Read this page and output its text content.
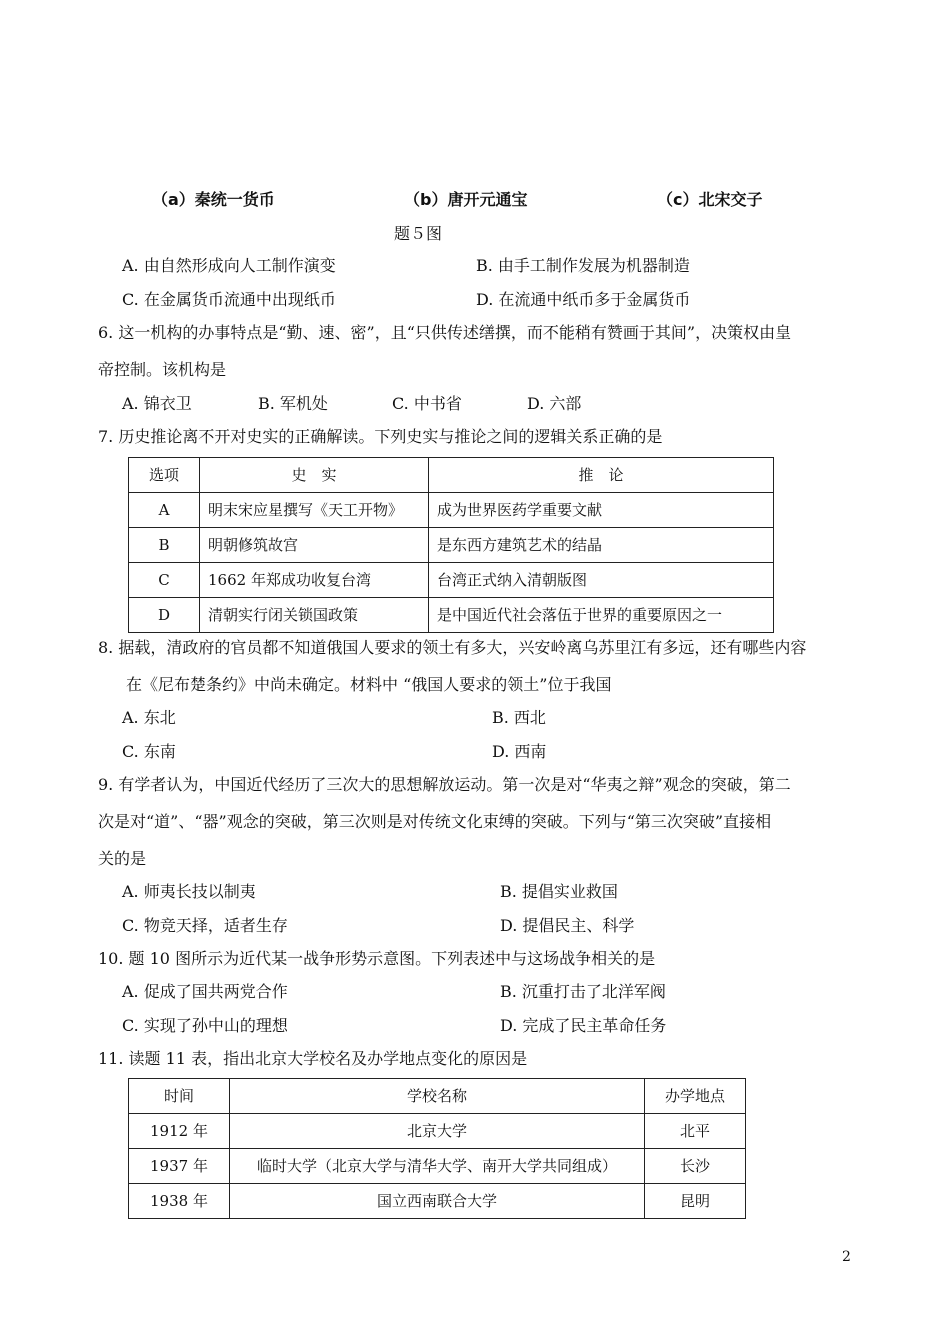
（a）秦统一货币	（b）唐开元通宝	（c）北宋交子
题５图
A. 由自然形成向人工制作演变	B. 由手工制作发展为机器制造
C. 在金属货币流通中出现纸币	D. 在流通中纸币多于金属货币
6. 这一机构的办事特点是“勤、速、密”，且“只供传述缮撰，而不能稍有赞画于其间”，决策权由皇
帝控制。该机构是
A. 锦衣卫	B. 军机处	C. 中书省	D. 六部
7. 历史推论离不开对史实的正确解读。下列史实与推论之间的逻辑关系正确的是
选项	史　实	推　论
A	明末宋应星撰写《天工开物》	成为世界医药学重要文献
B	明朝修筑故宫	是东西方建筑艺术的结晶
C	1662 年郑成功收复台湾	台湾正式纳入清朝版图
D	清朝实行闭关锁国政策	是中国近代社会落伍于世界的重要原因之一
8. 据载，清政府的官员都不知道俄国人要求的领土有多大，兴安岭离乌苏里江有多远，还有哪些内容
在《尼布楚条约》中尚未确定。材料中 “俄国人要求的领土”位于我国
A. 东北	B. 西北
C. 东南	D. 西南
9. 有学者认为，中国近代经历了三次大的思想解放运动。第一次是对“华夷之辩”观念的突破，第二
次是对“道”、“器”观念的突破，第三次则是对传统文化束缚的突破。下列与“第三次突破”直接相
关的是
A. 师夷长技以制夷	B. 提倡实业救国
C. 物竞天择，适者生存	D. 提倡民主、科学
10. 题 10 图所示为近代某一战争形势示意图。下列表述中与这场战争相关的是
A. 促成了国共两党合作	B. 沉重打击了北洋军阀
C. 实现了孙中山的理想	D. 完成了民主革命任务
11. 读题 11 表，指出北京大学校名及办学地点变化的原因是
时间	学校名称	办学地点
1912 年	北京大学	北平
1937 年	临时大学（北京大学与清华大学、南开大学共同组成）	长沙
1938 年	国立西南联合大学	昆明
2
